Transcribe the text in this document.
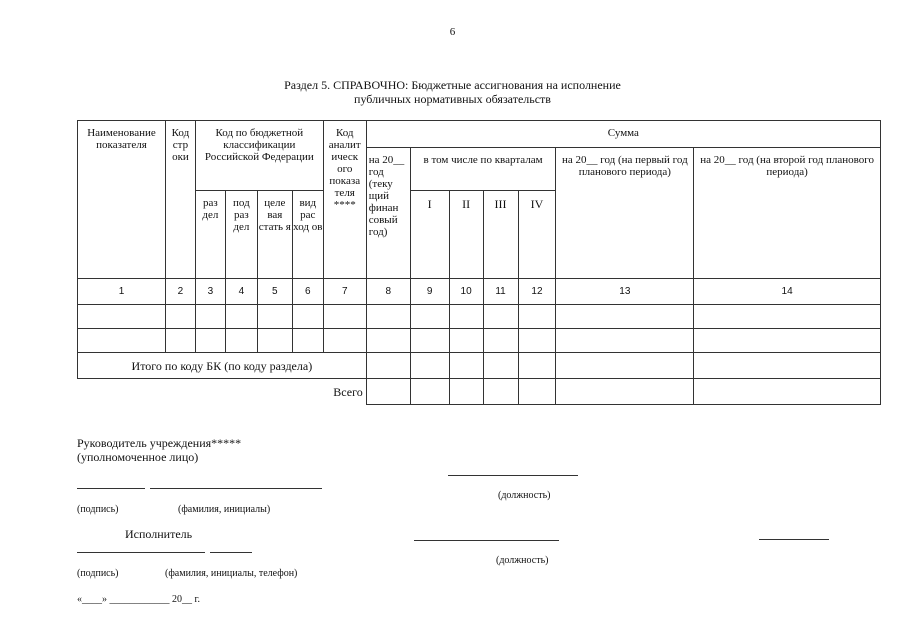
6
Раздел 5. СПРАВОЧНО: Бюджетные ассигнования на исполнение
публичных нормативных обязательств
Наименование показателя	Код стр оки	Код по бюджетной классификации Российской Федерации				Код аналит ическ ого показа теля ****	Сумма						
							на 20__ год (теку щий финан совый год)	в том числе по кварталам				на 20__ год (на первый год планового периода)	на 20__ год (на второй год планового периода)
		раз дел	под раз дел	целе вая стать я	вид рас ход ов			I	II	III	IV		
1	2	3	4	5	6	7	8	9	10	11	12	13	14

Итого по коду БК (по коду раздела)													
Всего													
Руководитель учреждения*****
(уполномоченное лицо)
(должность)
(подпись)	(фамилия, инициалы)
Исполнитель
(должность)
(подпись)	(фамилия, инициалы, телефон)
«____» ____________ 20__ г.
